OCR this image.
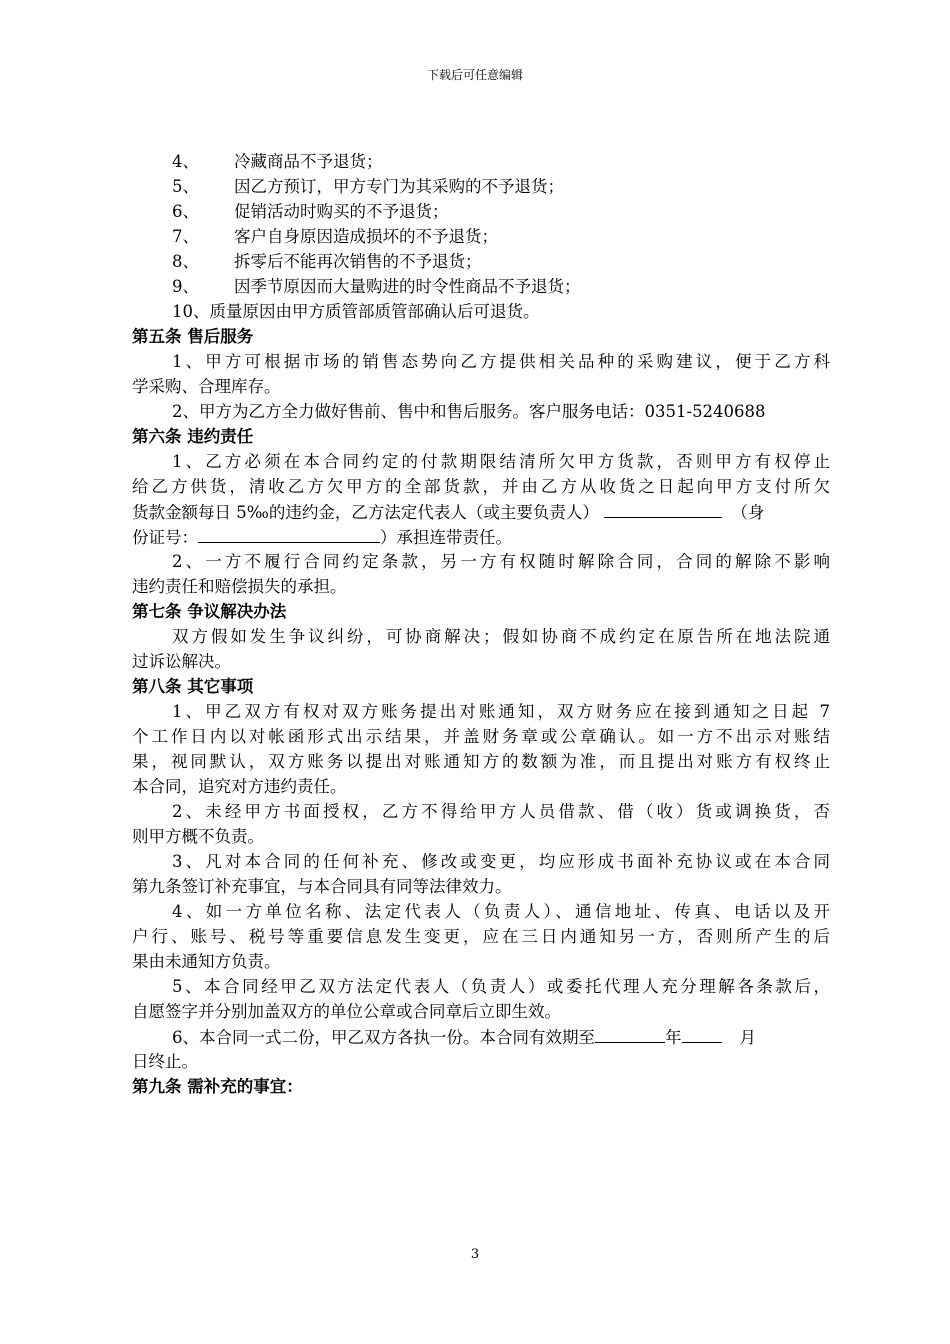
下载后可任意编辑
4、 冷藏商品不予退货；
5、 因乙方预订，甲方专门为其采购的不予退货；
6、 促销活动时购买的不予退货；
7、 客户自身原因造成损坏的不予退货；
8、 拆零后不能再次销售的不予退货；
9、 因季节原因而大量购进的时令性商品不予退货；
10、质量原因由甲方质管部质管部确认后可退货。
第五条 售后服务
1、甲方可根据市场的销售态势向乙方提供相关品种的采购建议，便于乙方科
学采购、合理库存。
2、甲方为乙方全力做好售前、售中和售后服务。客户服务电话：0351-5240688
第六条 违约责任
1、乙方必须在本合同约定的付款期限结清所欠甲方货款，否则甲方有权停止
给乙方供货，清收乙方欠甲方的全部货款，并由乙方从收货之日起向甲方支付所欠
货款金额每日 5‰的违约金，乙方法定代表人（或主要负责人）	（身
份证号：	）承担连带责任。
2、一方不履行合同约定条款，另一方有权随时解除合同，合同的解除不影响
违约责任和赔偿损失的承担。
第七条 争议解决办法
双方假如发生争议纠纷，可协商解决；假如协商不成约定在原告所在地法院通
过诉讼解决。
第八条 其它事项
1、甲乙双方有权对双方账务提出对账通知，双方财务应在接到通知之日起 7
个工作日内以对帐函形式出示结果，并盖财务章或公章确认。如一方不出示对账结
果，视同默认，双方账务以提出对账通知方的数额为准，而且提出对账方有权终止
本合同，追究对方违约责任。
2、未经甲方书面授权，乙方不得给甲方人员借款、借（收）货或调换货，否
则甲方概不负责。
3、凡对本合同的任何补充、修改或变更，均应形成书面补充协议或在本合同
第九条签订补充事宜，与本合同具有同等法律效力。
4、如一方单位名称、法定代表人（负责人）、通信地址、传真、电话以及开
户行、账号、税号等重要信息发生变更，应在三日内通知另一方，否则所产生的后
果由未通知方负责。
5、本合同经甲乙双方法定代表人（负责人）或委托代理人充分理解各条款后，
自愿签字并分别加盖双方的单位公章或合同章后立即生效。
6、本合同一式二份，甲乙双方各执一份。本合同有效期至	年	月
日终止。
第九条 需补充的事宜：
3
